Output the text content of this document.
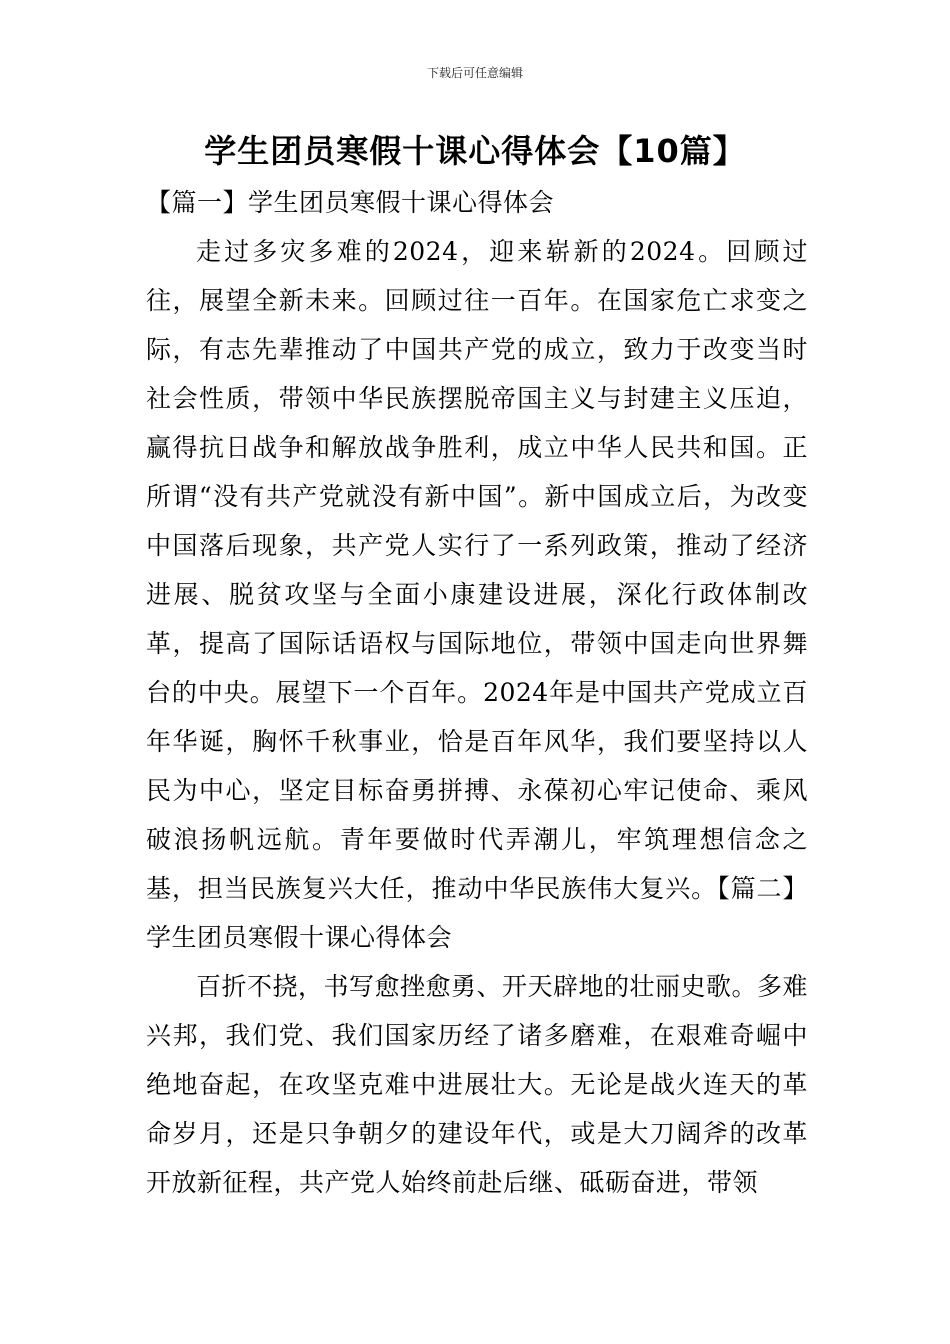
下载后可任意编辑
学生团员寒假十课心得体会【10篇】

【篇一】学生团员寒假十课心得体会

走过多灾多难的2024，迎来崭新的2024。回顾过往，展望全新未来。回顾过往一百年。在国家危亡求变之际，有志先辈推动了中国共产党的成立，致力于改变当时社会性质，带领中华民族摆脱帝国主义与封建主义压迫，赢得抗日战争和解放战争胜利，成立中华人民共和国。正所谓“没有共产党就没有新中国”。新中国成立后，为改变中国落后现象，共产党人实行了一系列政策，推动了经济进展、脱贫攻坚与全面小康建设进展，深化行政体制改革，提高了国际话语权与国际地位，带领中国走向世界舞台的中央。展望下一个百年。2024年是中国共产党成立百年华诞，胸怀千秋事业，恰是百年风华，我们要坚持以人民为中心，坚定目标奋勇拼搏、永葆初心牢记使命、乘风破浪扬帆远航。青年要做时代弄潮儿，牢筑理想信念之基，担当民族复兴大任，推动中华民族伟大复兴。【篇二】学生团员寒假十课心得体会

百折不挠，书写愈挫愈勇、开天辟地的壮丽史歌。多难兴邦，我们党、我们国家历经了诸多磨难，在艰难奇崛中绝地奋起，在攻坚克难中进展壮大。无论是战火连天的革命岁月，还是只争朝夕的建设年代，或是大刀阔斧的改革开放新征程，共产党人始终前赴后继、砥砺奋进，带领
